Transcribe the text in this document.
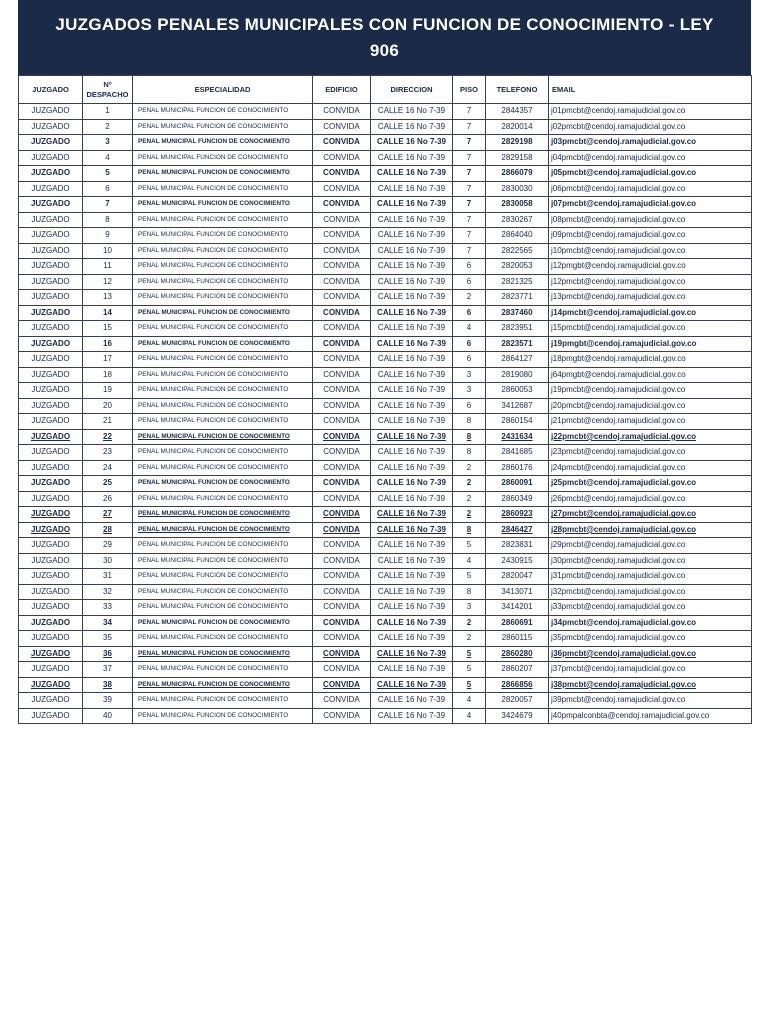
JUZGADOS PENALES MUNICIPALES CON FUNCION DE CONOCIMIENTO - LEY 906
JUZGADO	Nº DESPACHO	ESPECIALIDAD	EDIFICIO	DIRECCION	PISO	TELEFONO	EMAIL
JUZGADO	1	PENAL MUNICIPAL FUNCION DE CONOCIMIENTO	CONVIDA	CALLE 16 No 7-39	7	2844357	j01pmcbt@cendoj.ramajudicial.gov.co
JUZGADO	2	PENAL MUNICIPAL FUNCION DE CONOCIMIENTO	CONVIDA	CALLE 16 No 7-39	7	2820014	j02pmcbt@cendoj.ramajudicial.gov.co
JUZGADO	3	PENAL MUNICIPAL FUNCION DE CONOCIMIENTO	CONVIDA	CALLE 16 No 7-39	7	2829198	j03pmcbt@cendoj.ramajudicial.gov.co
JUZGADO	4	PENAL MUNICIPAL FUNCION DE CONOCIMIENTO	CONVIDA	CALLE 16 No 7-39	7	2829158	j04pmcbt@cendoj.ramajudicial.gov.co
JUZGADO	5	PENAL MUNICIPAL FUNCION DE CONOCIMIENTO	CONVIDA	CALLE 16 No 7-39	7	2866079	j05pmcbt@cendoj.ramajudicial.gov.co
JUZGADO	6	PENAL MUNICIPAL FUNCION DE CONOCIMIENTO	CONVIDA	CALLE 16 No 7-39	7	2830030	j06pmcbt@cendoj.ramajudicial.gov.co
JUZGADO	7	PENAL MUNICIPAL FUNCION DE CONOCIMIENTO	CONVIDA	CALLE 16 No 7-39	7	2830058	j07pmcbt@cendoj.ramajudicial.gov.co
JUZGADO	8	PENAL MUNICIPAL FUNCION DE CONOCIMIENTO	CONVIDA	CALLE 16 No 7-39	7	2830267	j08pmcbt@cendoj.ramajudicial.gov.co
JUZGADO	9	PENAL MUNICIPAL FUNCION DE CONOCIMIENTO	CONVIDA	CALLE 16 No 7-39	7	2864040	j09pmcbt@cendoj.ramajudicial.gov.co
JUZGADO	10	PENAL MUNICIPAL FUNCION DE CONOCIMIENTO	CONVIDA	CALLE 16 No 7-39	7	2822565	j10pmcbt@cendoj.ramajudicial.gov.co
JUZGADO	11	PENAL MUNICIPAL FUNCION DE CONOCIMIENTO	CONVIDA	CALLE 16 No 7-39	6	2820053	j12pmgbt@cendoj.ramajudicial.gov.co
JUZGADO	12	PENAL MUNICIPAL FUNCION DE CONOCIMIENTO	CONVIDA	CALLE 16 No 7-39	6	2821325	j12pmcbt@cendoj.ramajudicial.gov.co
JUZGADO	13	PENAL MUNICIPAL FUNCION DE CONOCIMIENTO	CONVIDA	CALLE 16 No 7-39	2	2823771	j13pmcbt@cendoj.ramajudicial.gov.co
JUZGADO	14	PENAL MUNICIPAL FUNCION DE CONOCIMIENTO	CONVIDA	CALLE 16 No 7-39	6	2837460	j14pmcbt@cendoj.ramajudicial.gov.co
JUZGADO	15	PENAL MUNICIPAL FUNCION DE CONOCIMIENTO	CONVIDA	CALLE 16 No 7-39	4	2823951	j15pmcbt@cendoj.ramajudicial.gov.co
JUZGADO	16	PENAL MUNICIPAL FUNCION DE CONOCIMIENTO	CONVIDA	CALLE 16 No 7-39	6	2823571	j19pmgbt@cendoj.ramajudicial.gov.co
JUZGADO	17	PENAL MUNICIPAL FUNCION DE CONOCIMIENTO	CONVIDA	CALLE 16 No 7-39	6	2864127	j18pmgbt@cendoj.ramajudicial.gov.co
JUZGADO	18	PENAL MUNICIPAL FUNCION DE CONOCIMIENTO	CONVIDA	CALLE 16 No 7-39	3	2819080	j64pmgbt@cendoj.ramajudicial.gov.co
JUZGADO	19	PENAL MUNICIPAL FUNCION DE CONOCIMIENTO	CONVIDA	CALLE 16 No 7-39	3	2860053	j19pmcbt@cendoj.ramajudicial.gov.co
JUZGADO	20	PENAL MUNICIPAL FUNCION DE CONOCIMIENTO	CONVIDA	CALLE 16 No 7-39	6	3412687	j20pmcbt@cendoj.ramajudicial.gov.co
JUZGADO	21	PENAL MUNICIPAL FUNCION DE CONOCIMIENTO	CONVIDA	CALLE 16 No 7-39	8	2860154	j21pmcbt@cendoj.ramajudicial.gov.co
JUZGADO	22	PENAL MUNICIPAL FUNCION DE CONOCIMIENTO	CONVIDA	CALLE 16 No 7-39	8	2431634	j22pmcbt@cendoj.ramajudicial.gov.co
JUZGADO	23	PENAL MUNICIPAL FUNCION DE CONOCIMIENTO	CONVIDA	CALLE 16 No 7-39	8	2841685	j23pmcbt@cendoj.ramajudicial.gov.co
JUZGADO	24	PENAL MUNICIPAL FUNCION DE CONOCIMIENTO	CONVIDA	CALLE 16 No 7-39	2	2860176	j24pmcbt@cendoj.ramajudicial.gov.co
JUZGADO	25	PENAL MUNICIPAL FUNCION DE CONOCIMIENTO	CONVIDA	CALLE 16 No 7-39	2	2860091	j25pmcbt@cendoj.ramajudicial.gov.co
JUZGADO	26	PENAL MUNICIPAL FUNCION DE CONOCIMIENTO	CONVIDA	CALLE 16 No 7-39	2	2860349	j26pmcbt@cendoj.ramajudicial.gov.co
JUZGADO	27	PENAL MUNICIPAL FUNCION DE CONOCIMIENTO	CONVIDA	CALLE 16 No 7-39	2	2860923	j27pmcbt@cendoj.ramajudicial.gov.co
JUZGADO	28	PENAL MUNICIPAL FUNCION DE CONOCIMIENTO	CONVIDA	CALLE 16 No 7-39	8	2846427	j28pmcbt@cendoj.ramajudicial.gov.co
JUZGADO	29	PENAL MUNICIPAL FUNCION DE CONOCIMIENTO	CONVIDA	CALLE 16 No 7-39	5	2823831	j29pmcbt@cendoj.ramajudicial.gov.co
JUZGADO	30	PENAL MUNICIPAL FUNCION DE CONOCIMIENTO	CONVIDA	CALLE 16 No 7-39	4	2430915	j30pmcbt@cendoj.ramajudicial.gov.co
JUZGADO	31	PENAL MUNICIPAL FUNCION DE CONOCIMIENTO	CONVIDA	CALLE 16 No 7-39	5	2820047	j31pmcbt@cendoj.ramajudicial.gov.co
JUZGADO	32	PENAL MUNICIPAL FUNCION DE CONOCIMIENTO	CONVIDA	CALLE 16 No 7-39	8	3413071	j32pmcbt@cendoj.ramajudicial.gov.co
JUZGADO	33	PENAL MUNICIPAL FUNCION DE CONOCIMIENTO	CONVIDA	CALLE 16 No 7-39	3	3414201	j33pmcbt@cendoj.ramajudicial.gov.co
JUZGADO	34	PENAL MUNICIPAL FUNCION DE CONOCIMIENTO	CONVIDA	CALLE 16 No 7-39	2	2860691	j34pmcbt@cendoj.ramajudicial.gov.co
JUZGADO	35	PENAL MUNICIPAL FUNCION DE CONOCIMIENTO	CONVIDA	CALLE 16 No 7-39	2	2860115	j35pmcbt@cendoj.ramajudicial.gov.co
JUZGADO	36	PENAL MUNICIPAL FUNCION DE CONOCIMIENTO	CONVIDA	CALLE 16 No 7-39	5	2860280	j36pmcbt@cendoj.ramajudicial.gov.co
JUZGADO	37	PENAL MUNICIPAL FUNCION DE CONOCIMIENTO	CONVIDA	CALLE 16 No 7-39	5	2860207	j37pmcbt@cendoj.ramajudicial.gov.co
JUZGADO	38	PENAL MUNICIPAL FUNCION DE CONOCIMIENTO	CONVIDA	CALLE 16 No 7-39	5	2866856	j38pmcbt@cendoj.ramajudicial.gov.co
JUZGADO	39	PENAL MUNICIPAL FUNCION DE CONOCIMIENTO	CONVIDA	CALLE 16 No 7-39	4	2820057	j39pmcbt@cendoj.ramajudicial.gov.co
JUZGADO	40	PENAL MUNICIPAL FUNCION DE CONOCIMIENTO	CONVIDA	CALLE 16 No 7-39	4	3424679	j40pmpalconbta@cendoj.ramajudicial.gov.co
